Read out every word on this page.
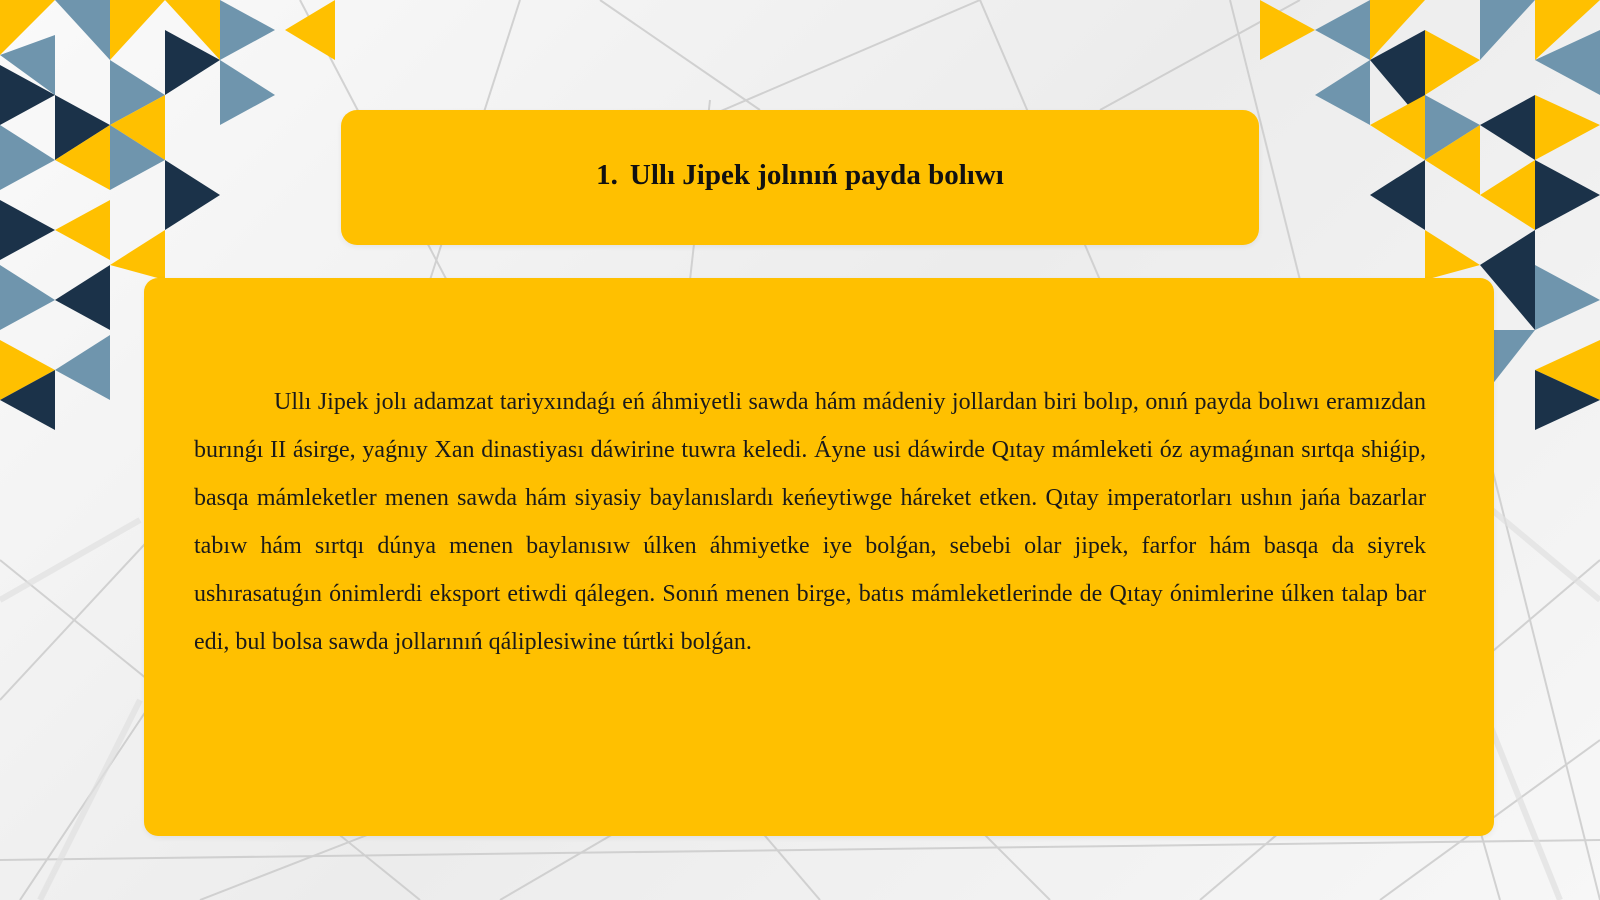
1. Ullı Jipek jolınıń payda bolıwı

Ullı Jipek jolı adamzat tariyxındaǵı eń áhmiyetli sawda hám mádeniy jollardan biri bolıp, onıń payda bolıwı eramızdan burınǵı II ásirge, yaǵnıy Xan dinastiyası dáwirine tuwra keledi. Áyne usi dáwirde Qıtay mámleketi óz aymaǵınan sırtqa shiǵip, basqa mámleketler menen sawda hám siyasiy baylanıslardı keńeytiwge háreket etken. Qıtay imperatorları ushın jańa bazarlar tabıw hám sırtqı dúnya menen baylanısıw úlken áhmiyetke iye bolǵan, sebebi olar jipek, farfor hám basqa da siyrek ushırasatuǵın ónimlerdi eksport etiwdi qálegen. Sonıń menen birge, batıs mámleketlerinde de Qıtay ónimlerine úlken talap bar edi, bul bolsa sawda jollarınıń qáliplesiwine túrtki bolǵan.
